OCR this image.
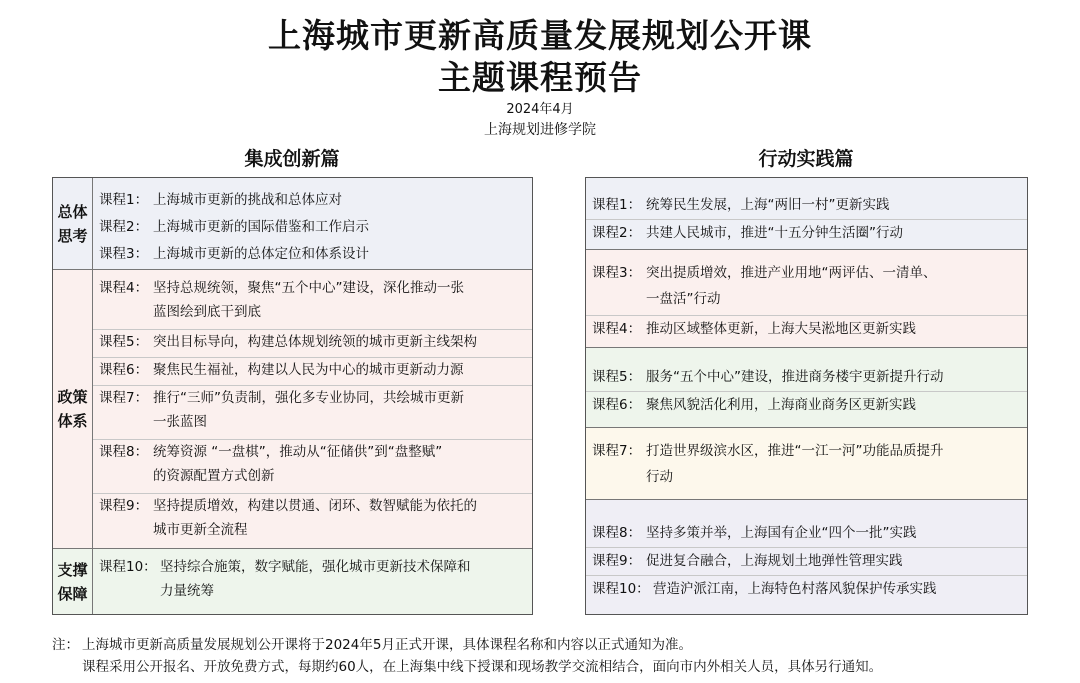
上海城市更新高质量发展规划公开课
主题课程预告
2024年4月
上海规划进修学院
集成创新篇	行动实践篇
总体思考
课程1： 上海城市更新的挑战和总体应对
课程2： 上海城市更新的国际借鉴和工作启示
课程3： 上海城市更新的总体定位和体系设计
政策体系
课程4： 坚持总规统领，聚焦“五个中心”建设，深化推动一张
蓝图绘到底干到底
课程5： 突出目标导向，构建总体规划统领的城市更新主线架构
课程6： 聚焦民生福祉，构建以人民为中心的城市更新动力源
课程7： 推行“三师”负责制，强化多专业协同，共绘城市更新
一张蓝图
课程8： 统筹资源 “一盘棋”，推动从“征储供”到“盘整赋”
的资源配置方式创新
课程9： 坚持提质增效，构建以贯通、闭环、数智赋能为依托的
城市更新全流程
支撑保障
课程10： 坚持综合施策，数字赋能，强化城市更新技术保障和
力量统筹
课程1： 统筹民生发展，上海“两旧一村”更新实践
课程2： 共建人民城市，推进“十五分钟生活圈”行动
课程3： 突出提质增效，推进产业用地“两评估、一清单、
一盘活”行动
课程4： 推动区域整体更新，上海大吴淞地区更新实践
课程5： 服务“五个中心”建设，推进商务楼宇更新提升行动
课程6： 聚焦风貌活化利用，上海商业商务区更新实践
课程7： 打造世界级滨水区，推进“一江一河”功能品质提升
行动
课程8： 坚持多策并举，上海国有企业“四个一批”实践
课程9： 促进复合融合，上海规划土地弹性管理实践
课程10： 营造沪派江南，上海特色村落风貌保护传承实践
注： 上海城市更新高质量发展规划公开课将于2024年5月正式开课，具体课程名称和内容以正式通知为准。
课程采用公开报名、开放免费方式，每期约60人，在上海集中线下授课和现场教学交流相结合，面向市内外相关人员，具体另行通知。
